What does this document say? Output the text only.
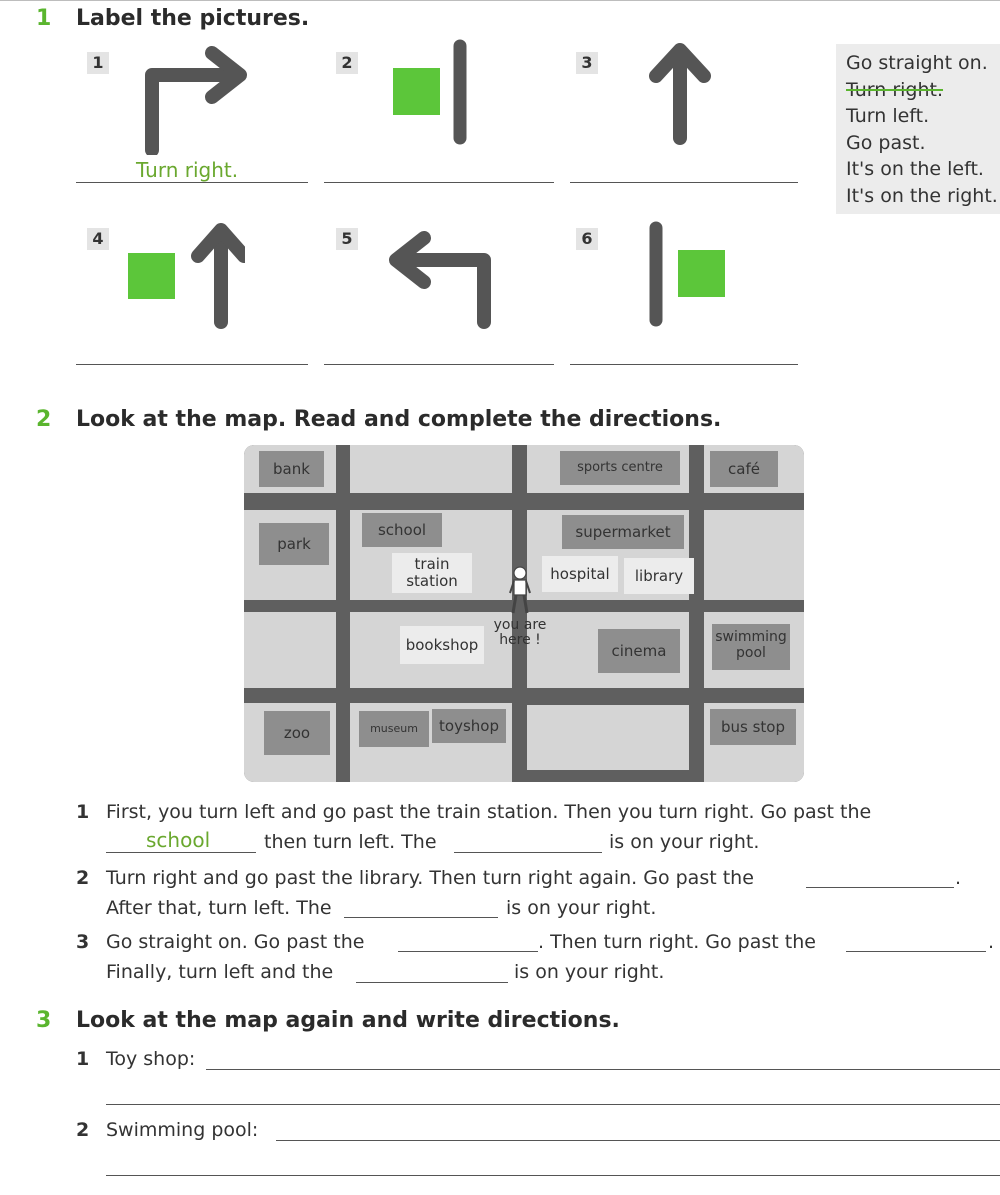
1 Label the pictures.
1
Turn right.
2	3	Go straight on.
Turn right.
Turn left.
Go past.
It's on the left.
It's on the right.
4	5	6
2 Look at the map. Read and complete the directions.
bank	sports centre	café
park
school	supermarket
train
station	hospital	library
you are
here !
bookshop	cinema
swimming
pool
zoo	museum	toyshop	bus stop
1 First, you turn left and go past the train station. Then you turn right. Go past the
school	then turn left. The	is on your right.
2 Turn right and go past the library. Then turn right again. Go past the	.
After that, turn left. The	is on your right.
3 Go straight on. Go past the	. Then turn right. Go past the	.
Finally, turn left and the	is on your right.
3 Look at the map again and write directions.
1 Toy shop:
2 Swimming pool:
